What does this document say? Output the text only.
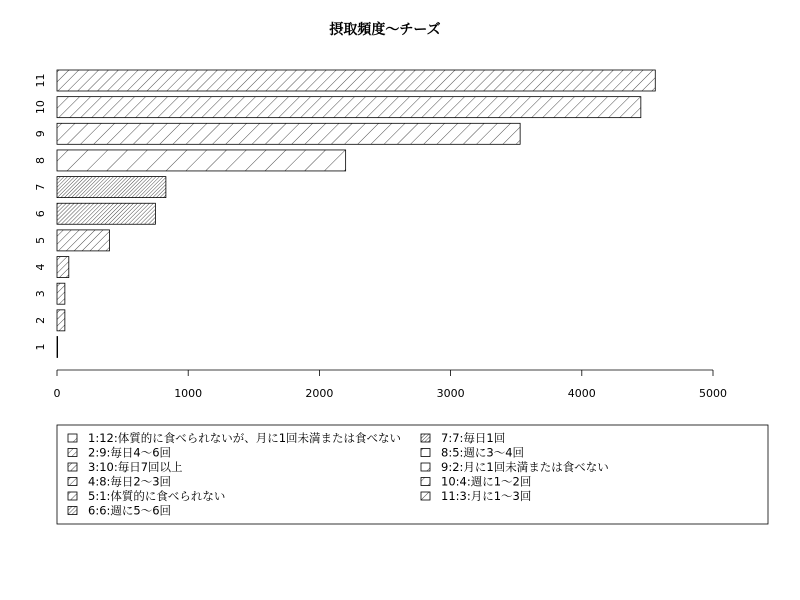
摂取頻度〜チーズ
1
2
3
4
5
6
7
8
9
10
11
0	1000	2000	3000	4000	5000
1:12:体質的に食べられないが、月に1回未満または食べない
2:9:毎日4〜6回
3:10:毎日7回以上
4:8:毎日2〜3回
5:1:体質的に食べられない
6:6:週に5〜6回
7:7:毎日1回
8:5:週に3〜4回
9:2:月に1回未満または食べない
10:4:週に1〜2回
11:3:月に1〜3回
